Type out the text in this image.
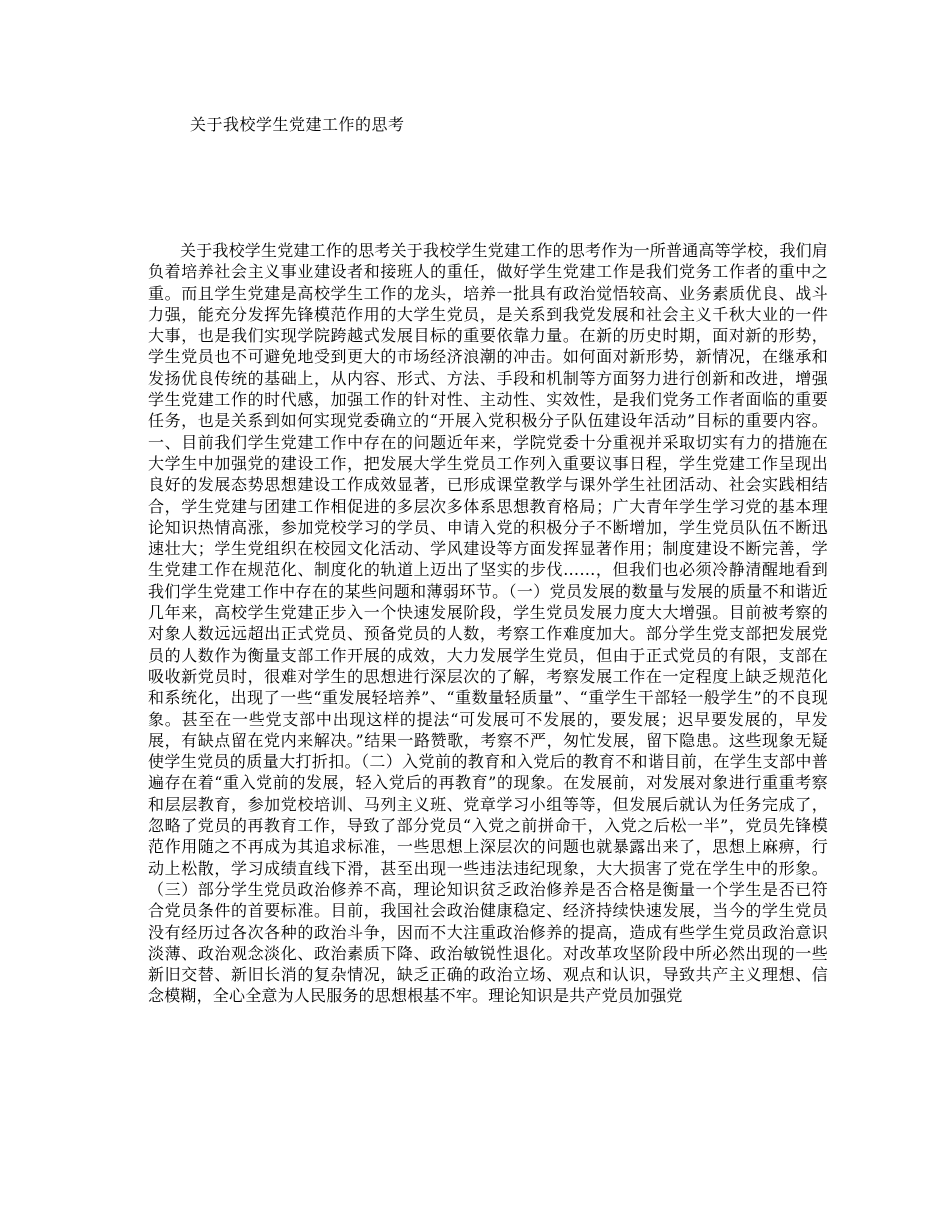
关于我校学生党建工作的思考

关于我校学生党建工作的思考关于我校学生党建工作的思考作为一所普通高等学校，我们肩负着培养社会主义事业建设者和接班人的重任，做好学生党建工作是我们党务工作者的重中之重。而且学生党建是高校学生工作的龙头，培养一批具有政治觉悟较高、业务素质优良、战斗力强，能充分发挥先锋模范作用的大学生党员，是关系到我党发展和社会主义千秋大业的一件大事，也是我们实现学院跨越式发展目标的重要依靠力量。在新的历史时期，面对新的形势，学生党员也不可避免地受到更大的市场经济浪潮的冲击。如何面对新形势，新情况，在继承和发扬优良传统的基础上，从内容、形式、方法、手段和机制等方面努力进行创新和改进，增强学生党建工作的时代感，加强工作的针对性、主动性、实效性，是我们党务工作者面临的重要任务，也是关系到如何实现党委确立的“开展入党积极分子队伍建设年活动”目标的重要内容。一、目前我们学生党建工作中存在的问题近年来，学院党委十分重视并采取切实有力的措施在大学生中加强党的建设工作，把发展大学生党员工作列入重要议事日程，学生党建工作呈现出良好的发展态势思想建设工作成效显著，已形成课堂教学与课外学生社团活动、社会实践相结合，学生党建与团建工作相促进的多层次多体系思想教育格局；广大青年学生学习党的基本理论知识热情高涨，参加党校学习的学员、申请入党的积极分子不断增加，学生党员队伍不断迅速壮大；学生党组织在校园文化活动、学风建设等方面发挥显著作用；制度建设不断完善，学生党建工作在规范化、制度化的轨道上迈出了坚实的步伐……，但我们也必须冷静清醒地看到我们学生党建工作中存在的某些问题和薄弱环节。（一）党员发展的数量与发展的质量不和谐近几年来，高校学生党建正步入一个快速发展阶段，学生党员发展力度大大增强。目前被考察的对象人数远远超出正式党员、预备党员的人数，考察工作难度加大。部分学生党支部把发展党员的人数作为衡量支部工作开展的成效，大力发展学生党员，但由于正式党员的有限，支部在吸收新党员时，很难对学生的思想进行深层次的了解，考察发展工作在一定程度上缺乏规范化和系统化，出现了一些“重发展轻培养”、“重数量轻质量”、“重学生干部轻一般学生”的不良现象。甚至在一些党支部中出现这样的提法“可发展可不发展的，要发展；迟早要发展的，早发展，有缺点留在党内来解决。”结果一路赞歌，考察不严，匆忙发展，留下隐患。这些现象无疑使学生党员的质量大打折扣。（二）入党前的教育和入党后的教育不和谐目前，在学生支部中普遍存在着“重入党前的发展，轻入党后的再教育”的现象。在发展前，对发展对象进行重重考察和层层教育，参加党校培训、马列主义班、党章学习小组等等，但发展后就认为任务完成了，忽略了党员的再教育工作，导致了部分党员“入党之前拼命干，入党之后松一半”，党员先锋模范作用随之不再成为其追求标准，一些思想上深层次的问题也就暴露出来了，思想上麻痹，行动上松散，学习成绩直线下滑，甚至出现一些违法违纪现象，大大损害了党在学生中的形象。（三）部分学生党员政治修养不高，理论知识贫乏政治修养是否合格是衡量一个学生是否已符合党员条件的首要标准。目前，我国社会政治健康稳定、经济持续快速发展，当今的学生党员没有经历过各次各种的政治斗争，因而不大注重政治修养的提高，造成有些学生党员政治意识淡薄、政治观念淡化、政治素质下降、政治敏锐性退化。对改革攻坚阶段中所必然出现的一些新旧交替、新旧长消的复杂情况，缺乏正确的政治立场、观点和认识，导致共产主义理想、信念模糊，全心全意为人民服务的思想根基不牢。理论知识是共产党员加强党
